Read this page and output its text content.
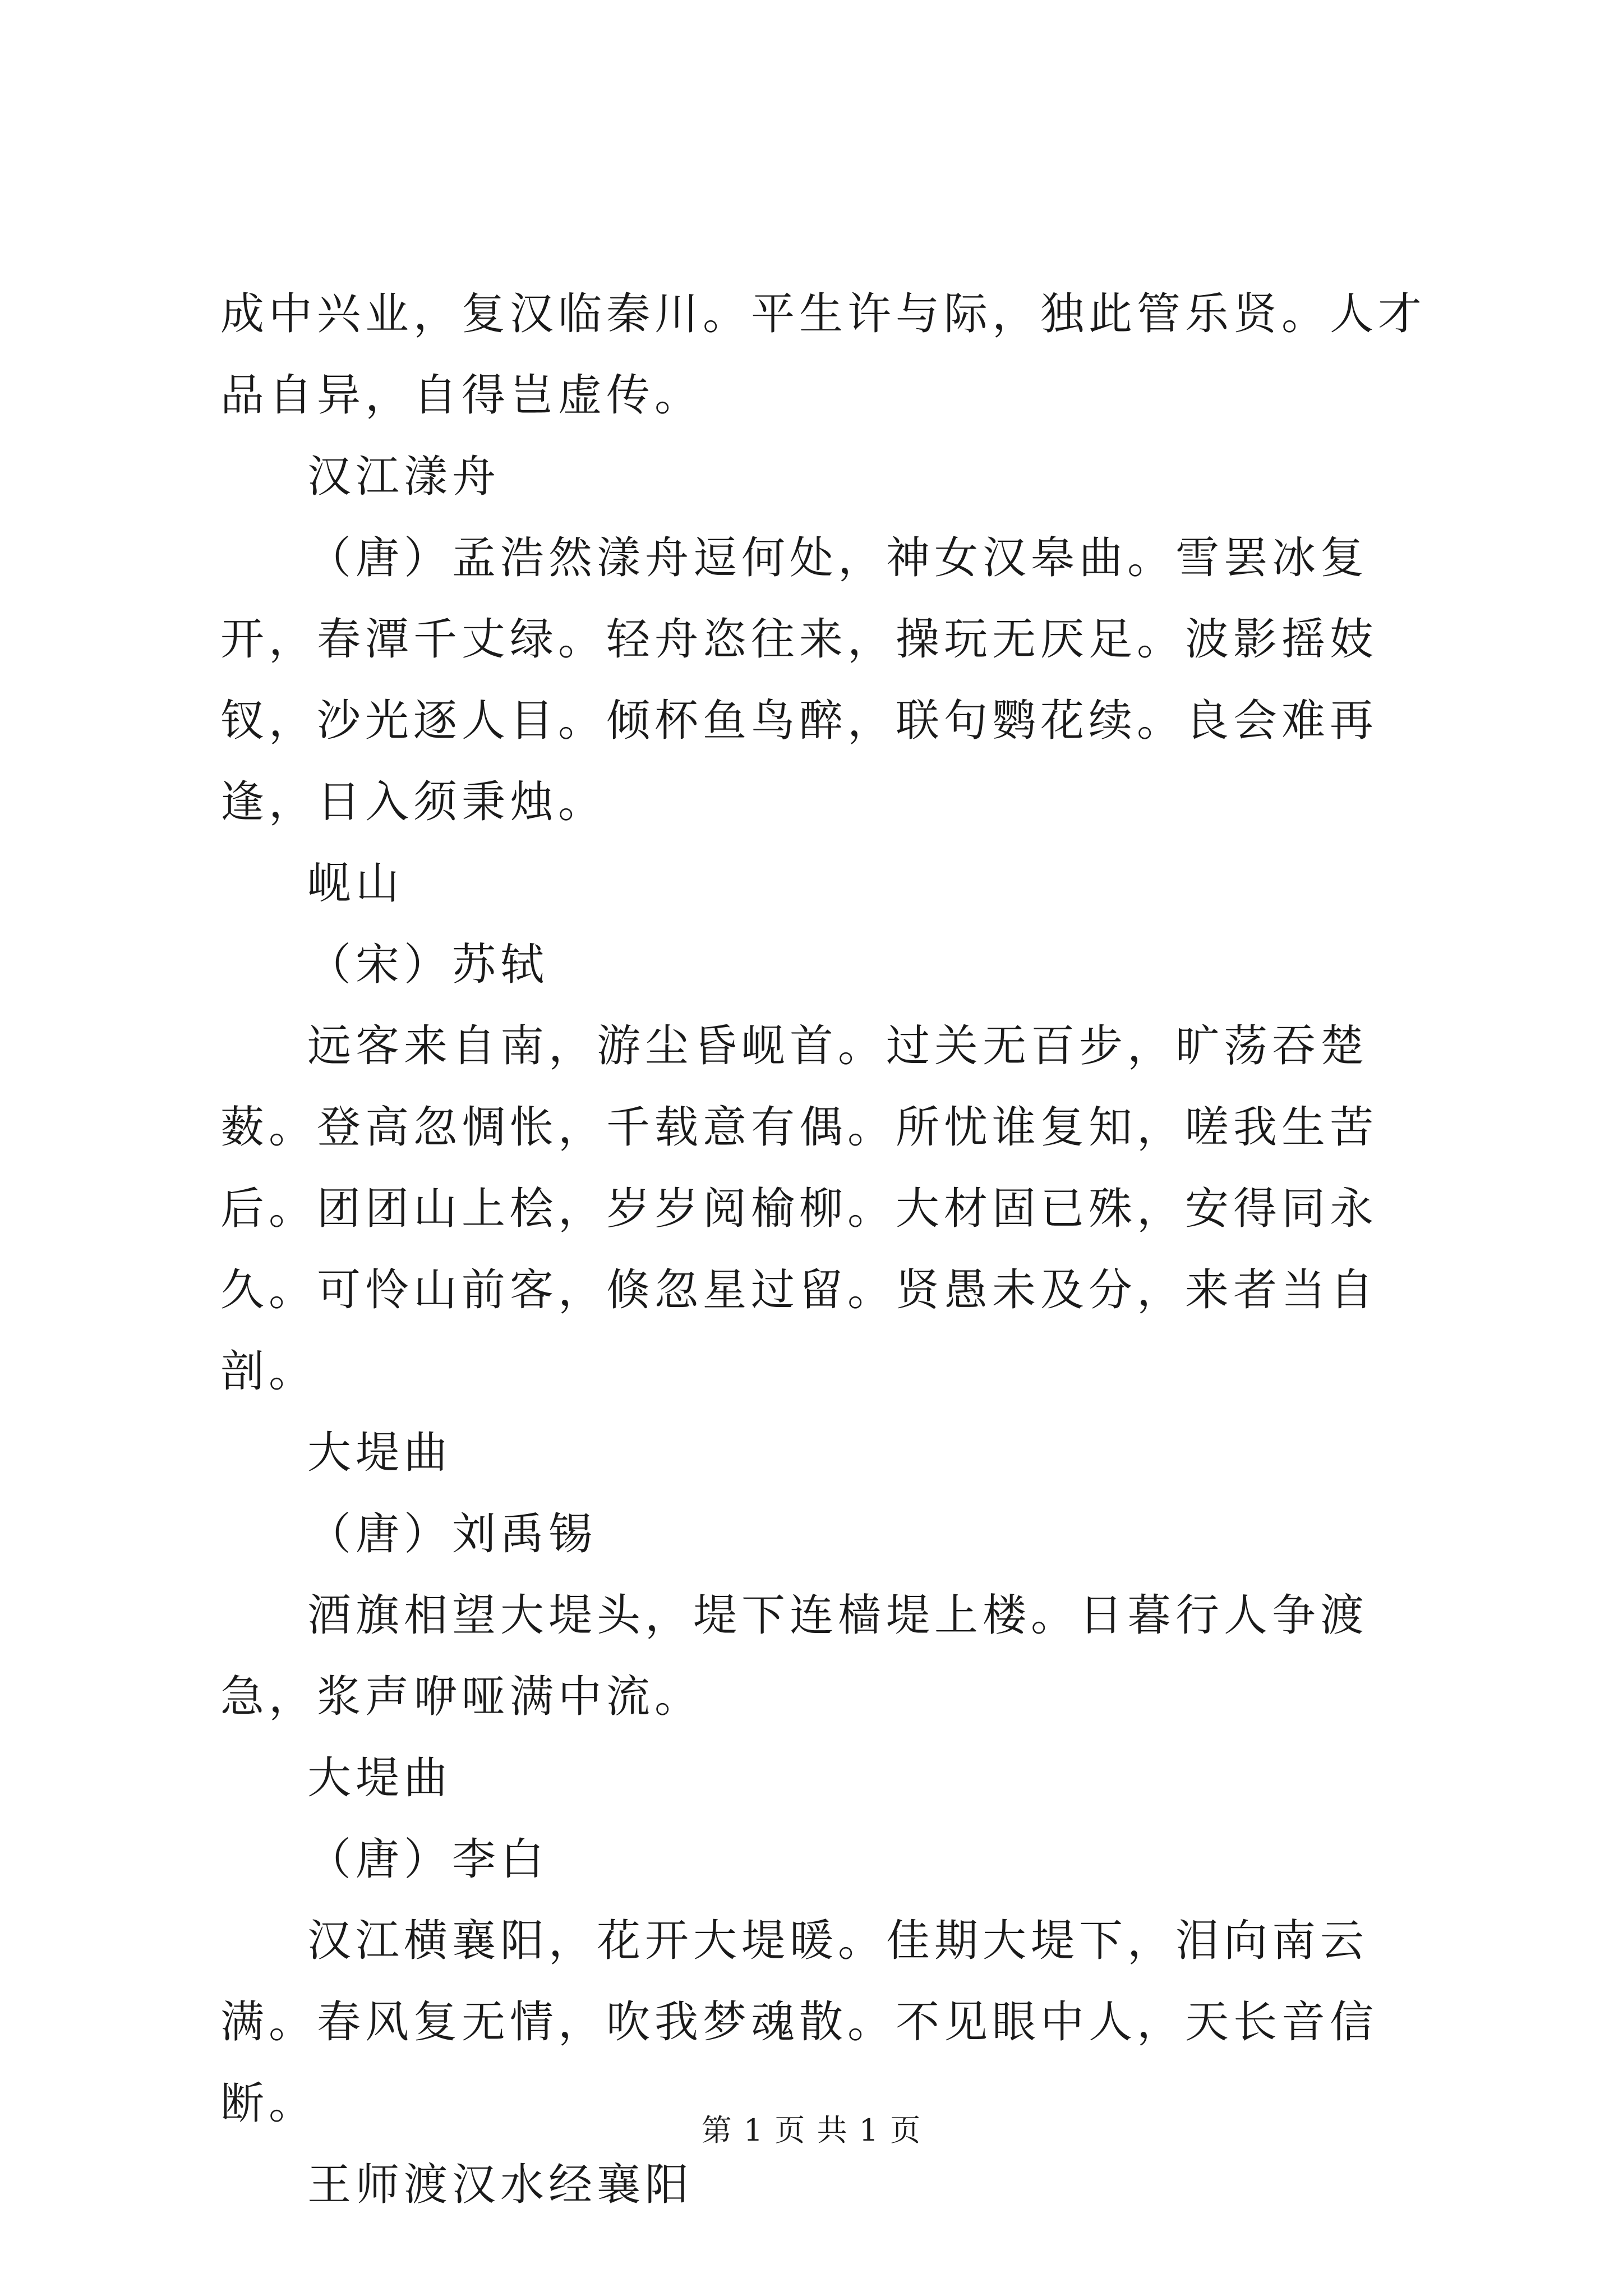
成中兴业，复汉临秦川。平生许与际，独此管乐贤。人才品自异，自得岂虚传。

汉江漾舟

（唐）孟浩然漾舟逗何处，神女汉皋曲。雪罢冰复开，春潭千丈绿。轻舟恣往来，操玩无厌足。波影摇妓钗，沙光逐人目。倾杯鱼鸟醉，联句鹦花续。良会难再逢，日入须秉烛。

岘山

（宋）苏轼

远客来自南，游尘昏岘首。过关无百步，旷荡吞楚薮。登高忽惆怅，千载意有偶。所忧谁复知，嗟我生苦后。团团山上桧，岁岁阅榆柳。大材固已殊，安得同永久。可怜山前客，倏忽星过留。贤愚未及分，来者当自剖。

大堤曲

（唐）刘禹锡

酒旗相望大堤头，堤下连樯堤上楼。日暮行人争渡急，浆声咿哑满中流。

大堤曲

（唐）李白

汉江横襄阳，花开大堤暖。佳期大堤下，泪向南云满。春风复无情，吹我梦魂散。不见眼中人，天长音信断。

王师渡汉水经襄阳

第 1 页 共 1 页
